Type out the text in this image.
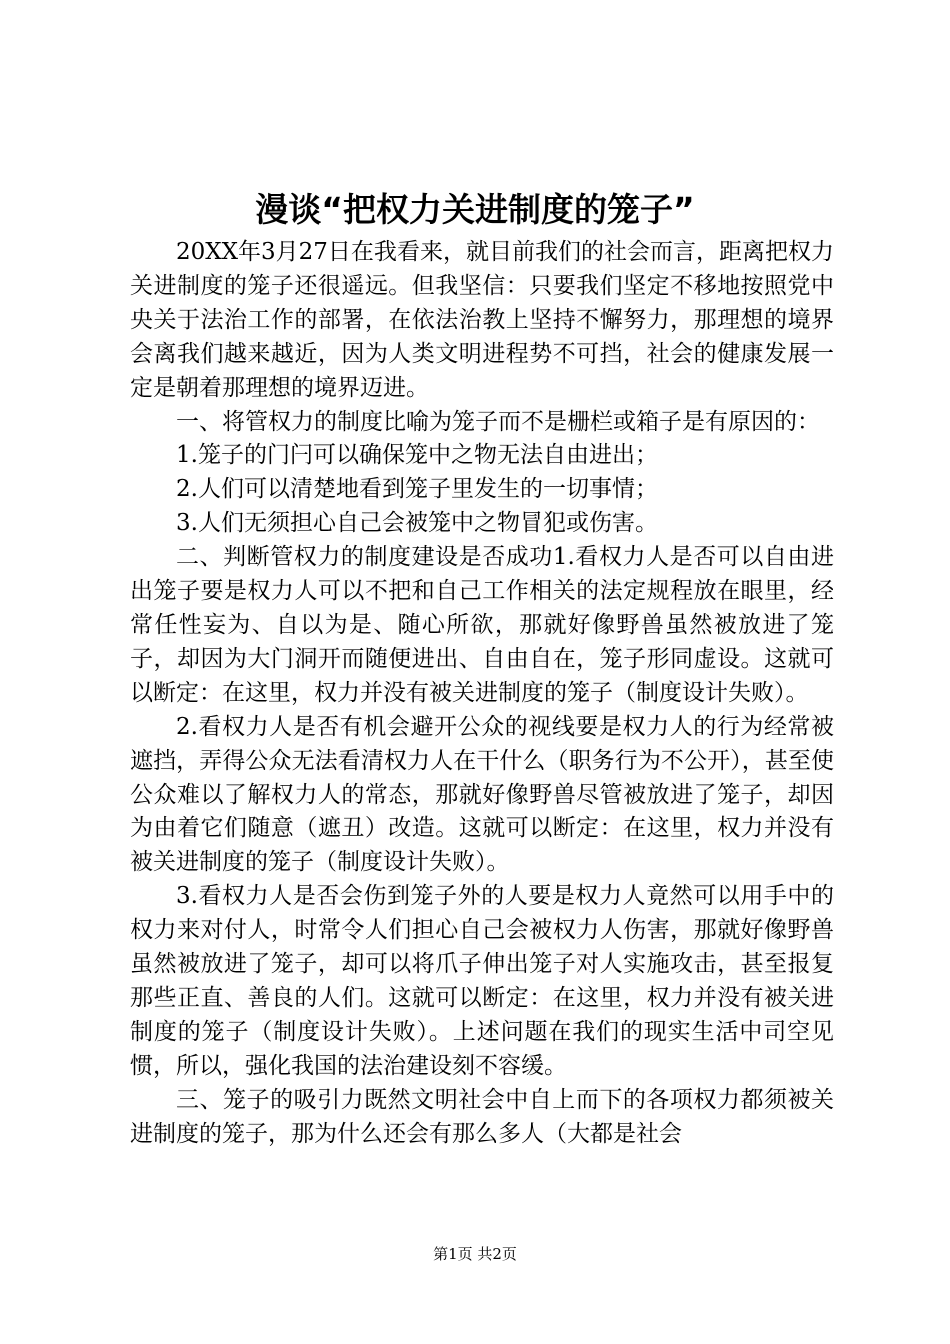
漫谈“把权力关进制度的笼子”

20XX年3月27日在我看来，就目前我们的社会而言，距离把权力关进制度的笼子还很遥远。但我坚信：只要我们坚定不移地按照党中央关于法治工作的部署，在依法治教上坚持不懈努力，那理想的境界会离我们越来越近，因为人类文明进程势不可挡，社会的健康发展一定是朝着那理想的境界迈进。

一、将管权力的制度比喻为笼子而不是栅栏或箱子是有原因的：

1.笼子的门闩可以确保笼中之物无法自由进出；

2.人们可以清楚地看到笼子里发生的一切事情；

3.人们无须担心自己会被笼中之物冒犯或伤害。

二、判断管权力的制度建设是否成功1.看权力人是否可以自由进出笼子要是权力人可以不把和自己工作相关的法定规程放在眼里，经常任性妄为、自以为是、随心所欲，那就好像野兽虽然被放进了笼子，却因为大门洞开而随便进出、自由自在，笼子形同虚设。这就可以断定：在这里，权力并没有被关进制度的笼子（制度设计失败）。

2.看权力人是否有机会避开公众的视线要是权力人的行为经常被遮挡，弄得公众无法看清权力人在干什么（职务行为不公开），甚至使公众难以了解权力人的常态，那就好像野兽尽管被放进了笼子，却因为由着它们随意（遮丑）改造。这就可以断定：在这里，权力并没有被关进制度的笼子（制度设计失败）。

3.看权力人是否会伤到笼子外的人要是权力人竟然可以用手中的权力来对付人，时常令人们担心自己会被权力人伤害，那就好像野兽虽然被放进了笼子，却可以将爪子伸出笼子对人实施攻击，甚至报复那些正直、善良的人们。这就可以断定：在这里，权力并没有被关进制度的笼子（制度设计失败）。上述问题在我们的现实生活中司空见惯，所以，强化我国的法治建设刻不容缓。

三、笼子的吸引力既然文明社会中自上而下的各项权力都须被关进制度的笼子，那为什么还会有那么多人（大都是社会

第1页 共2页
